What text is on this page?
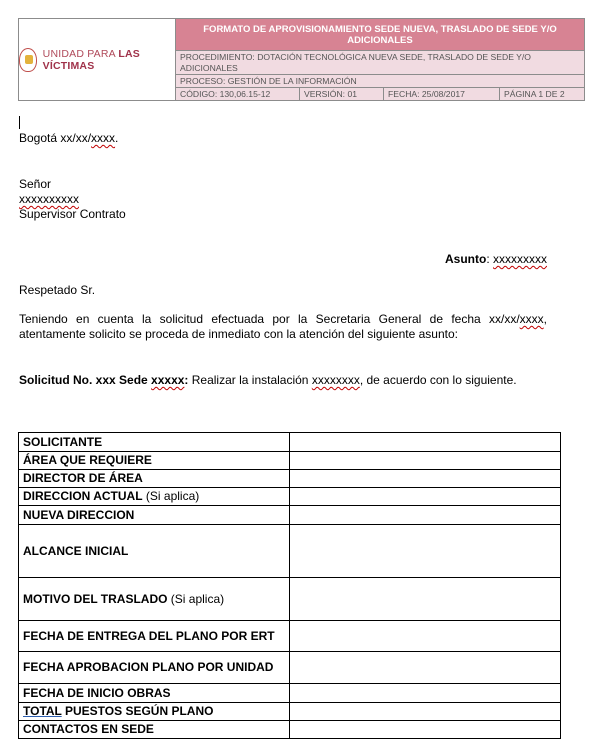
UNIDAD PARA LAS VÍCTIMAS
FORMATO DE APROVISIONAMIENTO SEDE NUEVA, TRASLADO DE SEDE Y/O ADICIONALES
PROCEDIMIENTO: DOTACIÓN TECNOLÓGICA NUEVA SEDE, TRASLADO DE SEDE Y/O ADICIONALES
PROCESO: GESTIÓN DE LA INFORMACIÓN
CÓDIGO: 130,06.15-12	VERSIÓN: 01	FECHA: 25/08/2017	PÁGINA 1 DE 2
Bogotá xx/xx/xxxx.
Señor
xxxxxxxxxx
Supervisor Contrato
Asunto: xxxxxxxxx
Respetado Sr.
Teniendo en cuenta la solicitud efectuada por la Secretaria General de fecha xx/xx/xxxx, atentamente solicito se proceda de inmediato con la atención del siguiente asunto:
Solicitud No. xxx Sede xxxxx: Realizar la instalación xxxxxxxx, de acuerdo con lo siguiente.
SOLICITANTE	
ÁREA QUE REQUIERE	
DIRECTOR DE ÁREA	
DIRECCION ACTUAL (Si aplica)	
NUEVA DIRECCION	
ALCANCE INICIAL	
MOTIVO DEL TRASLADO (Si aplica)	
FECHA DE ENTREGA DEL PLANO POR ERT	
FECHA APROBACION PLANO POR UNIDAD	
FECHA DE INICIO OBRAS	
TOTAL PUESTOS SEGÚN PLANO	
CONTACTOS EN SEDE	
